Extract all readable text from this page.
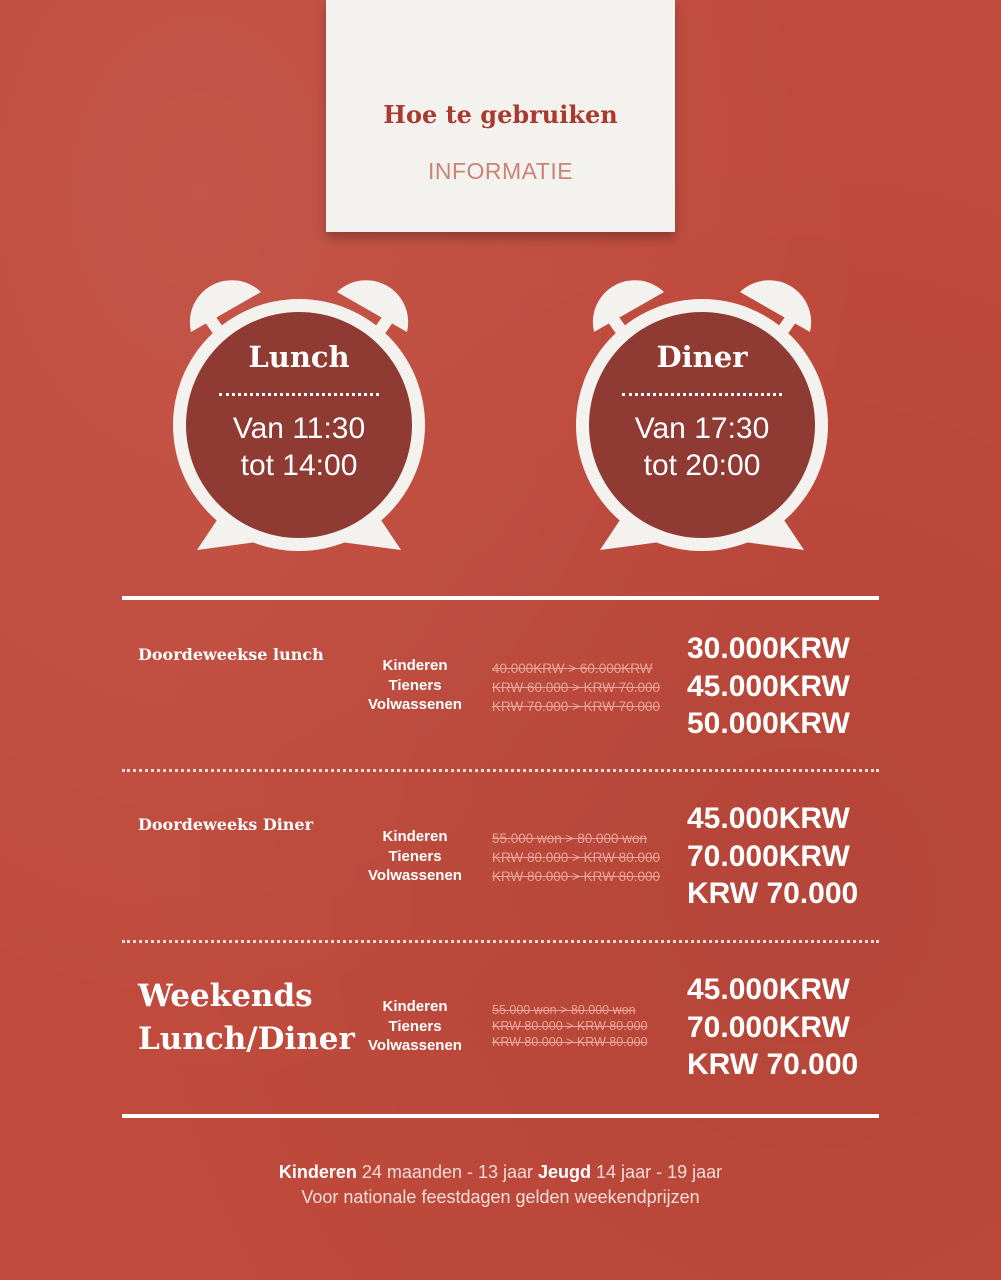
Hoe te gebruiken
INFORMATIE
Lunch
Van 11:30
tot 14:00
Diner
Van 17:30
tot 20:00
Doordeweekse lunch
Kinderen
Tieners
Volwassenen
40.000KRW > 60.000KRW
KRW 60.000 > KRW 70.000
KRW 70.000 > KRW 70.000
30.000KRW
45.000KRW
50.000KRW
Doordeweeks Diner
Kinderen
Tieners
Volwassenen
55.000 won > 80.000 won
KRW 80.000 > KRW 80.000
KRW 80.000 > KRW 80.000
45.000KRW
70.000KRW
KRW 70.000
Weekends
Lunch/Diner
Kinderen
Tieners
Volwassenen
55.000 won > 80.000 won
KRW 80.000 > KRW 80.000
KRW 80.000 > KRW 80.000
45.000KRW
70.000KRW
KRW 70.000
Kinderen 24 maanden - 13 jaar Jeugd 14 jaar - 19 jaar
Voor nationale feestdagen gelden weekendprijzen
